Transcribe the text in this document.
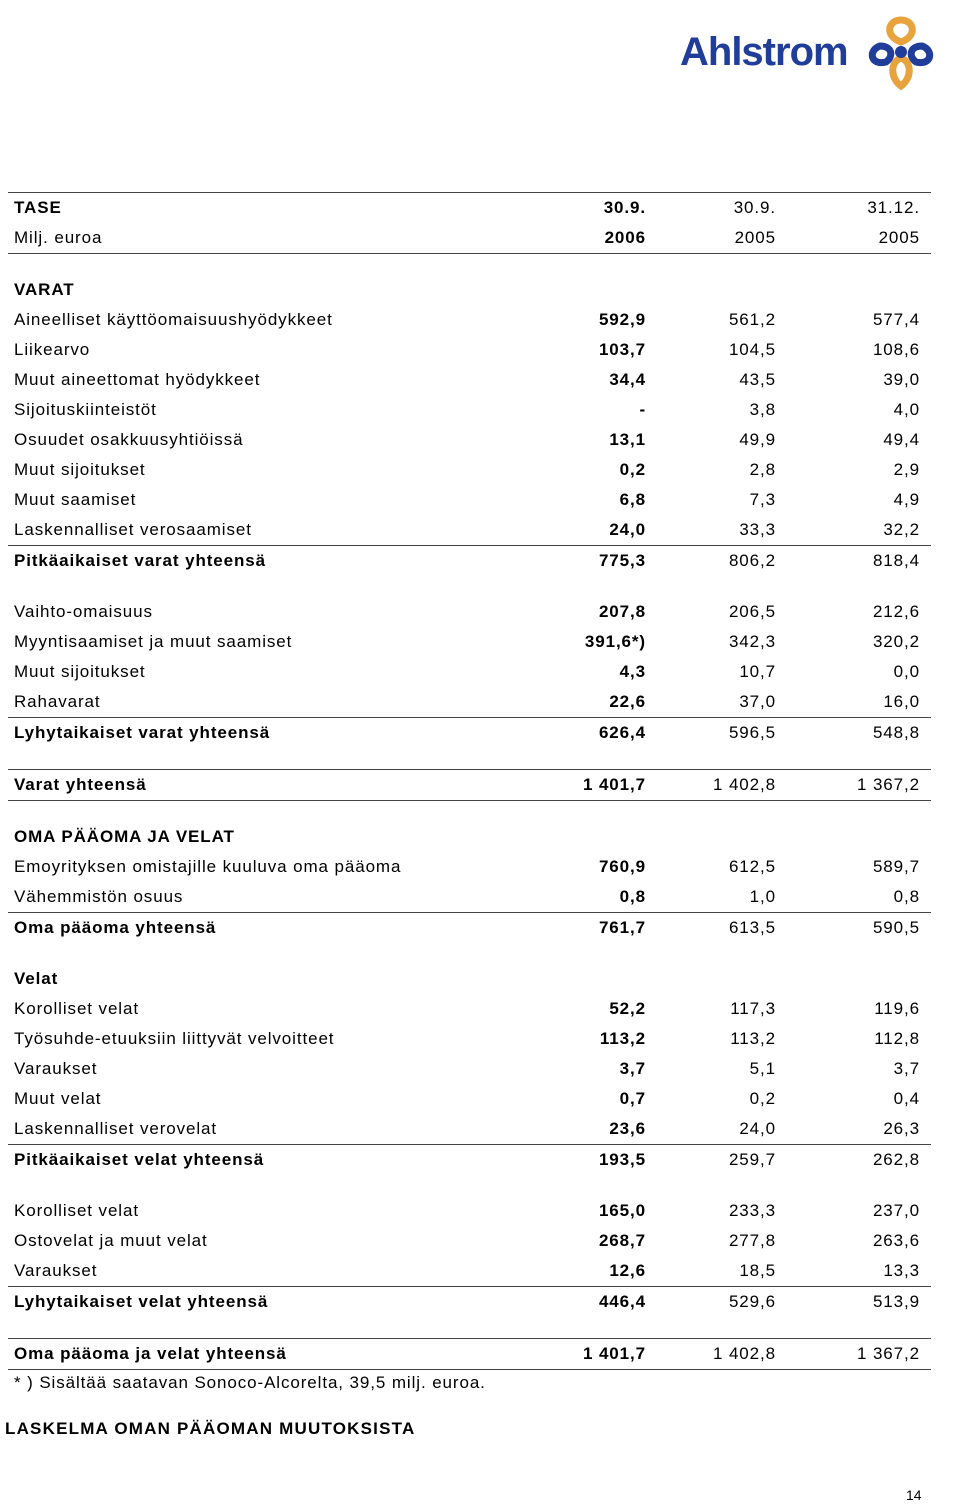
Ahlstrom
TASE	30.9.	30.9.	31.12.
Milj. euroa	2006	2005	2005

VARAT			
Aineelliset käyttöomaisuushyödykkeet	592,9	561,2	577,4
Liikearvo	103,7	104,5	108,6
Muut aineettomat hyödykkeet	34,4	43,5	39,0
Sijoituskiinteistöt	-	3,8	4,0
Osuudet osakkuusyhtiöissä	13,1	49,9	49,4
Muut sijoitukset	0,2	2,8	2,9
Muut saamiset	6,8	7,3	4,9
Laskennalliset verosaamiset	24,0	33,3	32,2
Pitkäaikaiset varat yhteensä	775,3	806,2	818,4

Vaihto-omaisuus	207,8	206,5	212,6
Myyntisaamiset ja muut saamiset	391,6*)	342,3	320,2
Muut sijoitukset	4,3	10,7	0,0
Rahavarat	22,6	37,0	16,0
Lyhytaikaiset varat yhteensä	626,4	596,5	548,8

Varat yhteensä	1 401,7	1 402,8	1 367,2

OMA PÄÄOMA JA VELAT			
Emoyrityksen omistajille kuuluva oma pääoma	760,9	612,5	589,7
Vähemmistön osuus	0,8	1,0	0,8
Oma pääoma yhteensä	761,7	613,5	590,5

Velat			
Korolliset velat	52,2	117,3	119,6
Työsuhde-etuuksiin liittyvät velvoitteet	113,2	113,2	112,8
Varaukset	3,7	5,1	3,7
Muut velat	0,7	0,2	0,4
Laskennalliset verovelat	23,6	24,0	26,3
Pitkäaikaiset velat yhteensä	193,5	259,7	262,8

Korolliset velat	165,0	233,3	237,0
Ostovelat ja muut velat	268,7	277,8	263,6
Varaukset	12,6	18,5	13,3
Lyhytaikaiset velat yhteensä	446,4	529,6	513,9

Oma pääoma ja velat yhteensä	1 401,7	1 402,8	1 367,2
* ) Sisältää saatavan Sonoco-Alcorelta, 39,5 milj. euroa.
LASKELMA OMAN PÄÄOMAN MUUTOKSISTA
14
